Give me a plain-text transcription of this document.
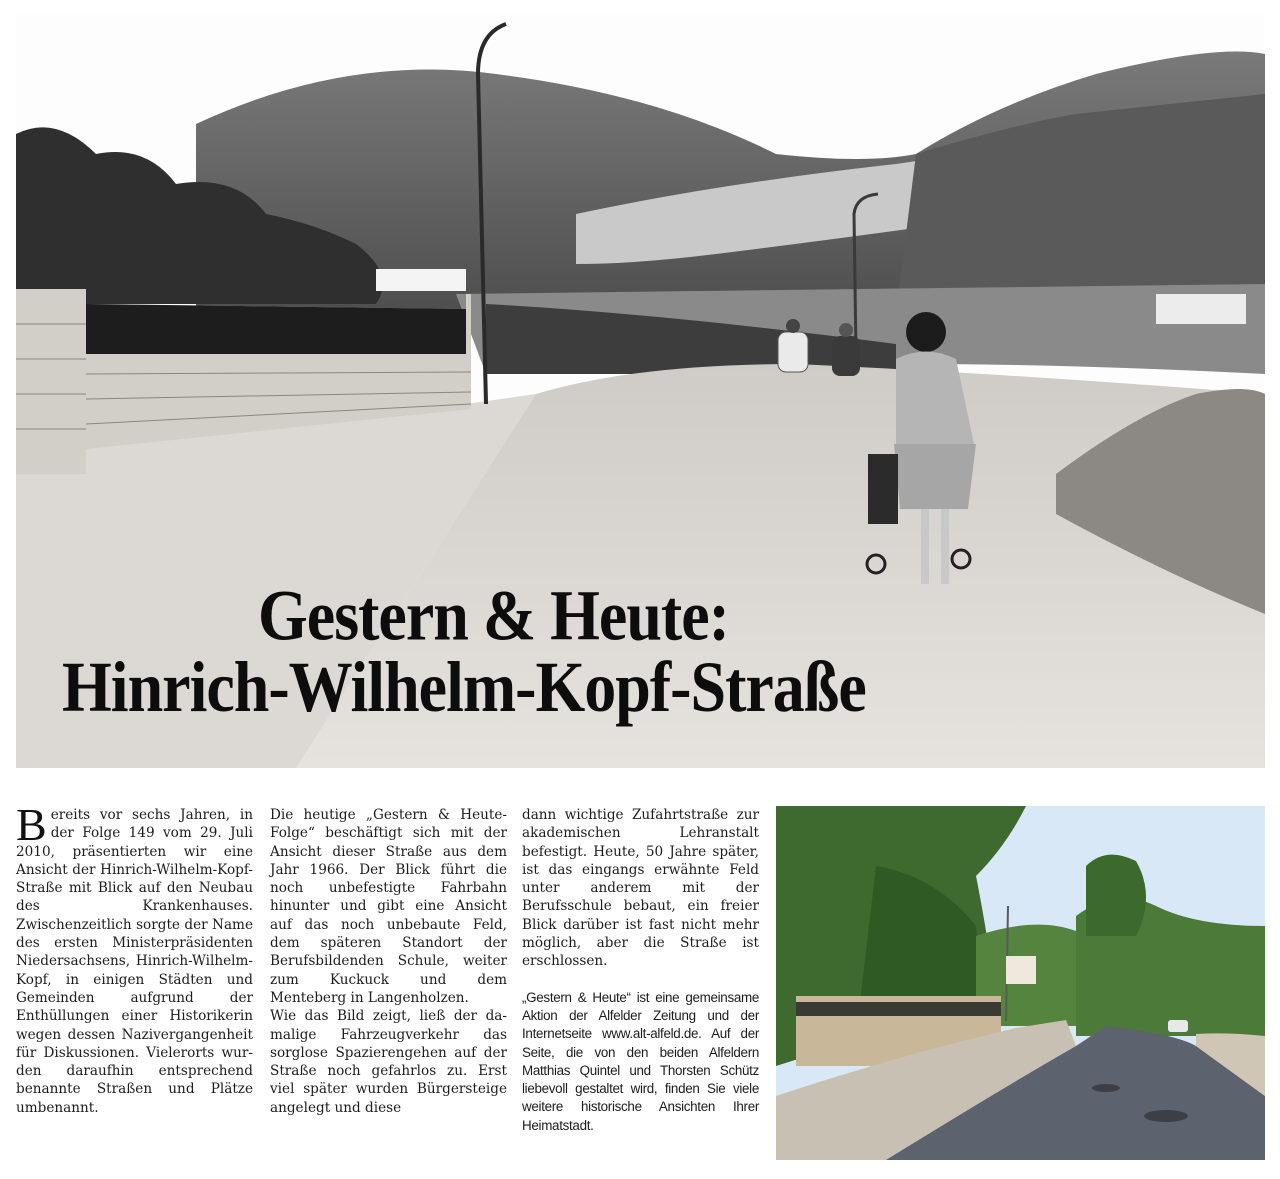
Gestern & Heute:
Hinrich-Wilhelm-Kopf-Straße

Bereits vor sechs Jahren, in der Folge 149 vom 29. Juli 2010, präsentierten wir eine Ansicht der Hinrich-Wilhelm-Kopf-Straße mit Blick auf den Neubau des Krankenhauses. Zwischenzeitlich sorgte der Name des ersten Ministerpräsidenten Niedersachsens, Hinrich-Wilhelm-Kopf, in einigen Städten und Gemeinden aufgrund der Enthüllungen einer Historikerin wegen dessen Nazivergangenheit für Diskussionen. Vielerorts wurden daraufhin entsprechend benannte Straßen und Plätze umbenannt.

Die heutige „Gestern & Heute-Folge“ beschäftigt sich mit der Ansicht dieser Straße aus dem Jahr 1966. Der Blick führt die noch unbefestigte Fahrbahn hinunter und gibt eine Ansicht auf das noch unbebaute Feld, dem späteren Standort der Berufsbildenden Schule, weiter zum Kuckuck und dem Menteberg in Langenholzen.

Wie das Bild zeigt, ließ der damalige Fahrzeugverkehr das sorglose Spazierengehen auf der Straße noch gefahrlos zu. Erst viel später wurden Bürgersteige angelegt und diese

dann wichtige Zufahrtstraße zur akademischen Lehranstalt befestigt. Heute, 50 Jahre später, ist das eingangs erwähnte Feld unter anderem mit der Berufsschule bebaut, ein freier Blick darüber ist fast nicht mehr möglich, aber die Straße ist erschlossen.

„Gestern & Heute“ ist eine gemeinsame Aktion der Alfelder Zeitung und der Internetseite www.alt-alfeld.de. Auf der Seite, die von den beiden Alfeldern Matthias Quintel und Thorsten Schütz liebevoll gestaltet wird, finden Sie viele weitere historische Ansichten Ihrer Heimatstadt.
